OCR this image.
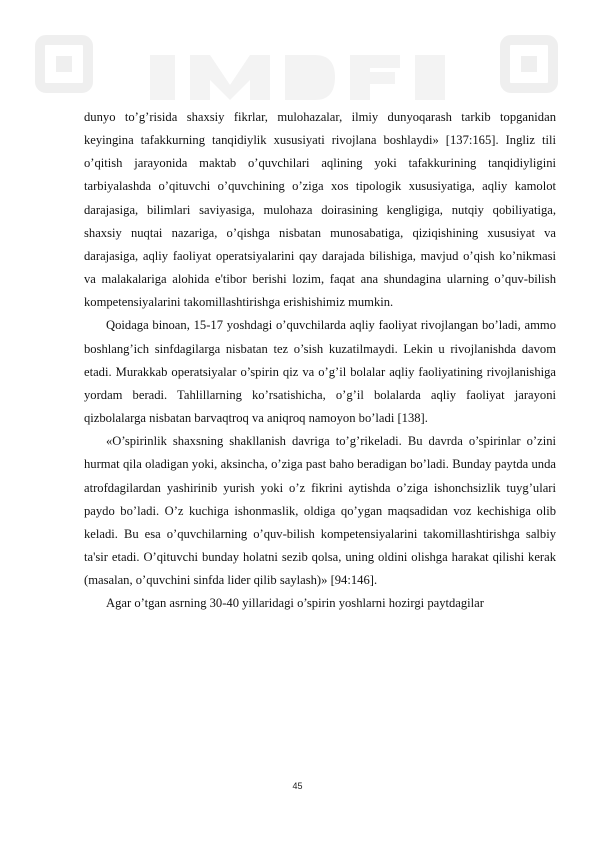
dunyo to’g’risida shaxsiy fikrlar, mulohazalar, ilmiy dunyoqarash tarkib topganidan keyingina tafakkurning tanqidiylik xususiyati rivojlana boshlaydi» [137:165]. Ingliz tili o’qitish jarayonida maktab o’quvchilari aqlining yoki tafakkurining tanqidiyligini tarbiyalashda o’qituvchi o’quvchining o’ziga xos tipologik xususiyatiga, aqliy kamolot darajasiga, bilimlari saviyasiga, mulohaza doirasining kengligiga, nutqiy qobiliyatiga, shaxsiy nuqtai nazariga, o’qishga nisbatan munosabatiga, qiziqishining xususiyat va darajasiga, aqliy faoliyat operatsiyalarini qay darajada bilishiga, mavjud o’qish ko’nikmasi va malakalariga alohida e'tibor berishi lozim, faqat ana shundagina ularning o’quv-bilish kompetensiyalarini takomillashtirishga erishishimiz mumkin.

Qoidaga binoan, 15-17 yoshdagi o’quvchilarda aqliy faoliyat rivojlangan bo’ladi, ammo boshlang’ich sinfdagilarga nisbatan tez o’sish kuzatilmaydi. Lekin u rivojlanishda davom etadi. Murakkab operatsiyalar o’spirin qiz va o’g’il bolalar aqliy faoliyatining rivojlanishiga yordam beradi. Tahlillarning ko’rsatishicha, o’g’il bolalarda aqliy faoliyat jarayoni qizbolalarga nisbatan barvaqtroq va aniqroq namoyon bo’ladi [138].

«O’spirinlik shaxsning shakllanish davriga to’g’rikeladi. Bu davrda o’spirinlar o’zini hurmat qila oladigan yoki, aksincha, o’ziga past baho beradigan bo’ladi. Bunday paytda unda atrofdagilardan yashirinib yurish yoki o’z fikrini aytishda o’ziga ishonchsizlik tuyg’ulari paydo bo’ladi. O’z kuchiga ishonmaslik, oldiga qo’ygan maqsadidan voz kechishiga olib keladi. Bu esa o’quvchilarning o’quv-bilish kompetensiyalarini takomillashtirishga salbiy ta'sir etadi. O’qituvchi bunday holatni sezib qolsa, uning oldini olishga harakat qilishi kerak (masalan, o’quvchini sinfda lider qilib saylash)» [94:146].

Agar o’tgan asrning 30-40 yillaridagi o’spirin yoshlarni hozirgi paytdagilar

45
